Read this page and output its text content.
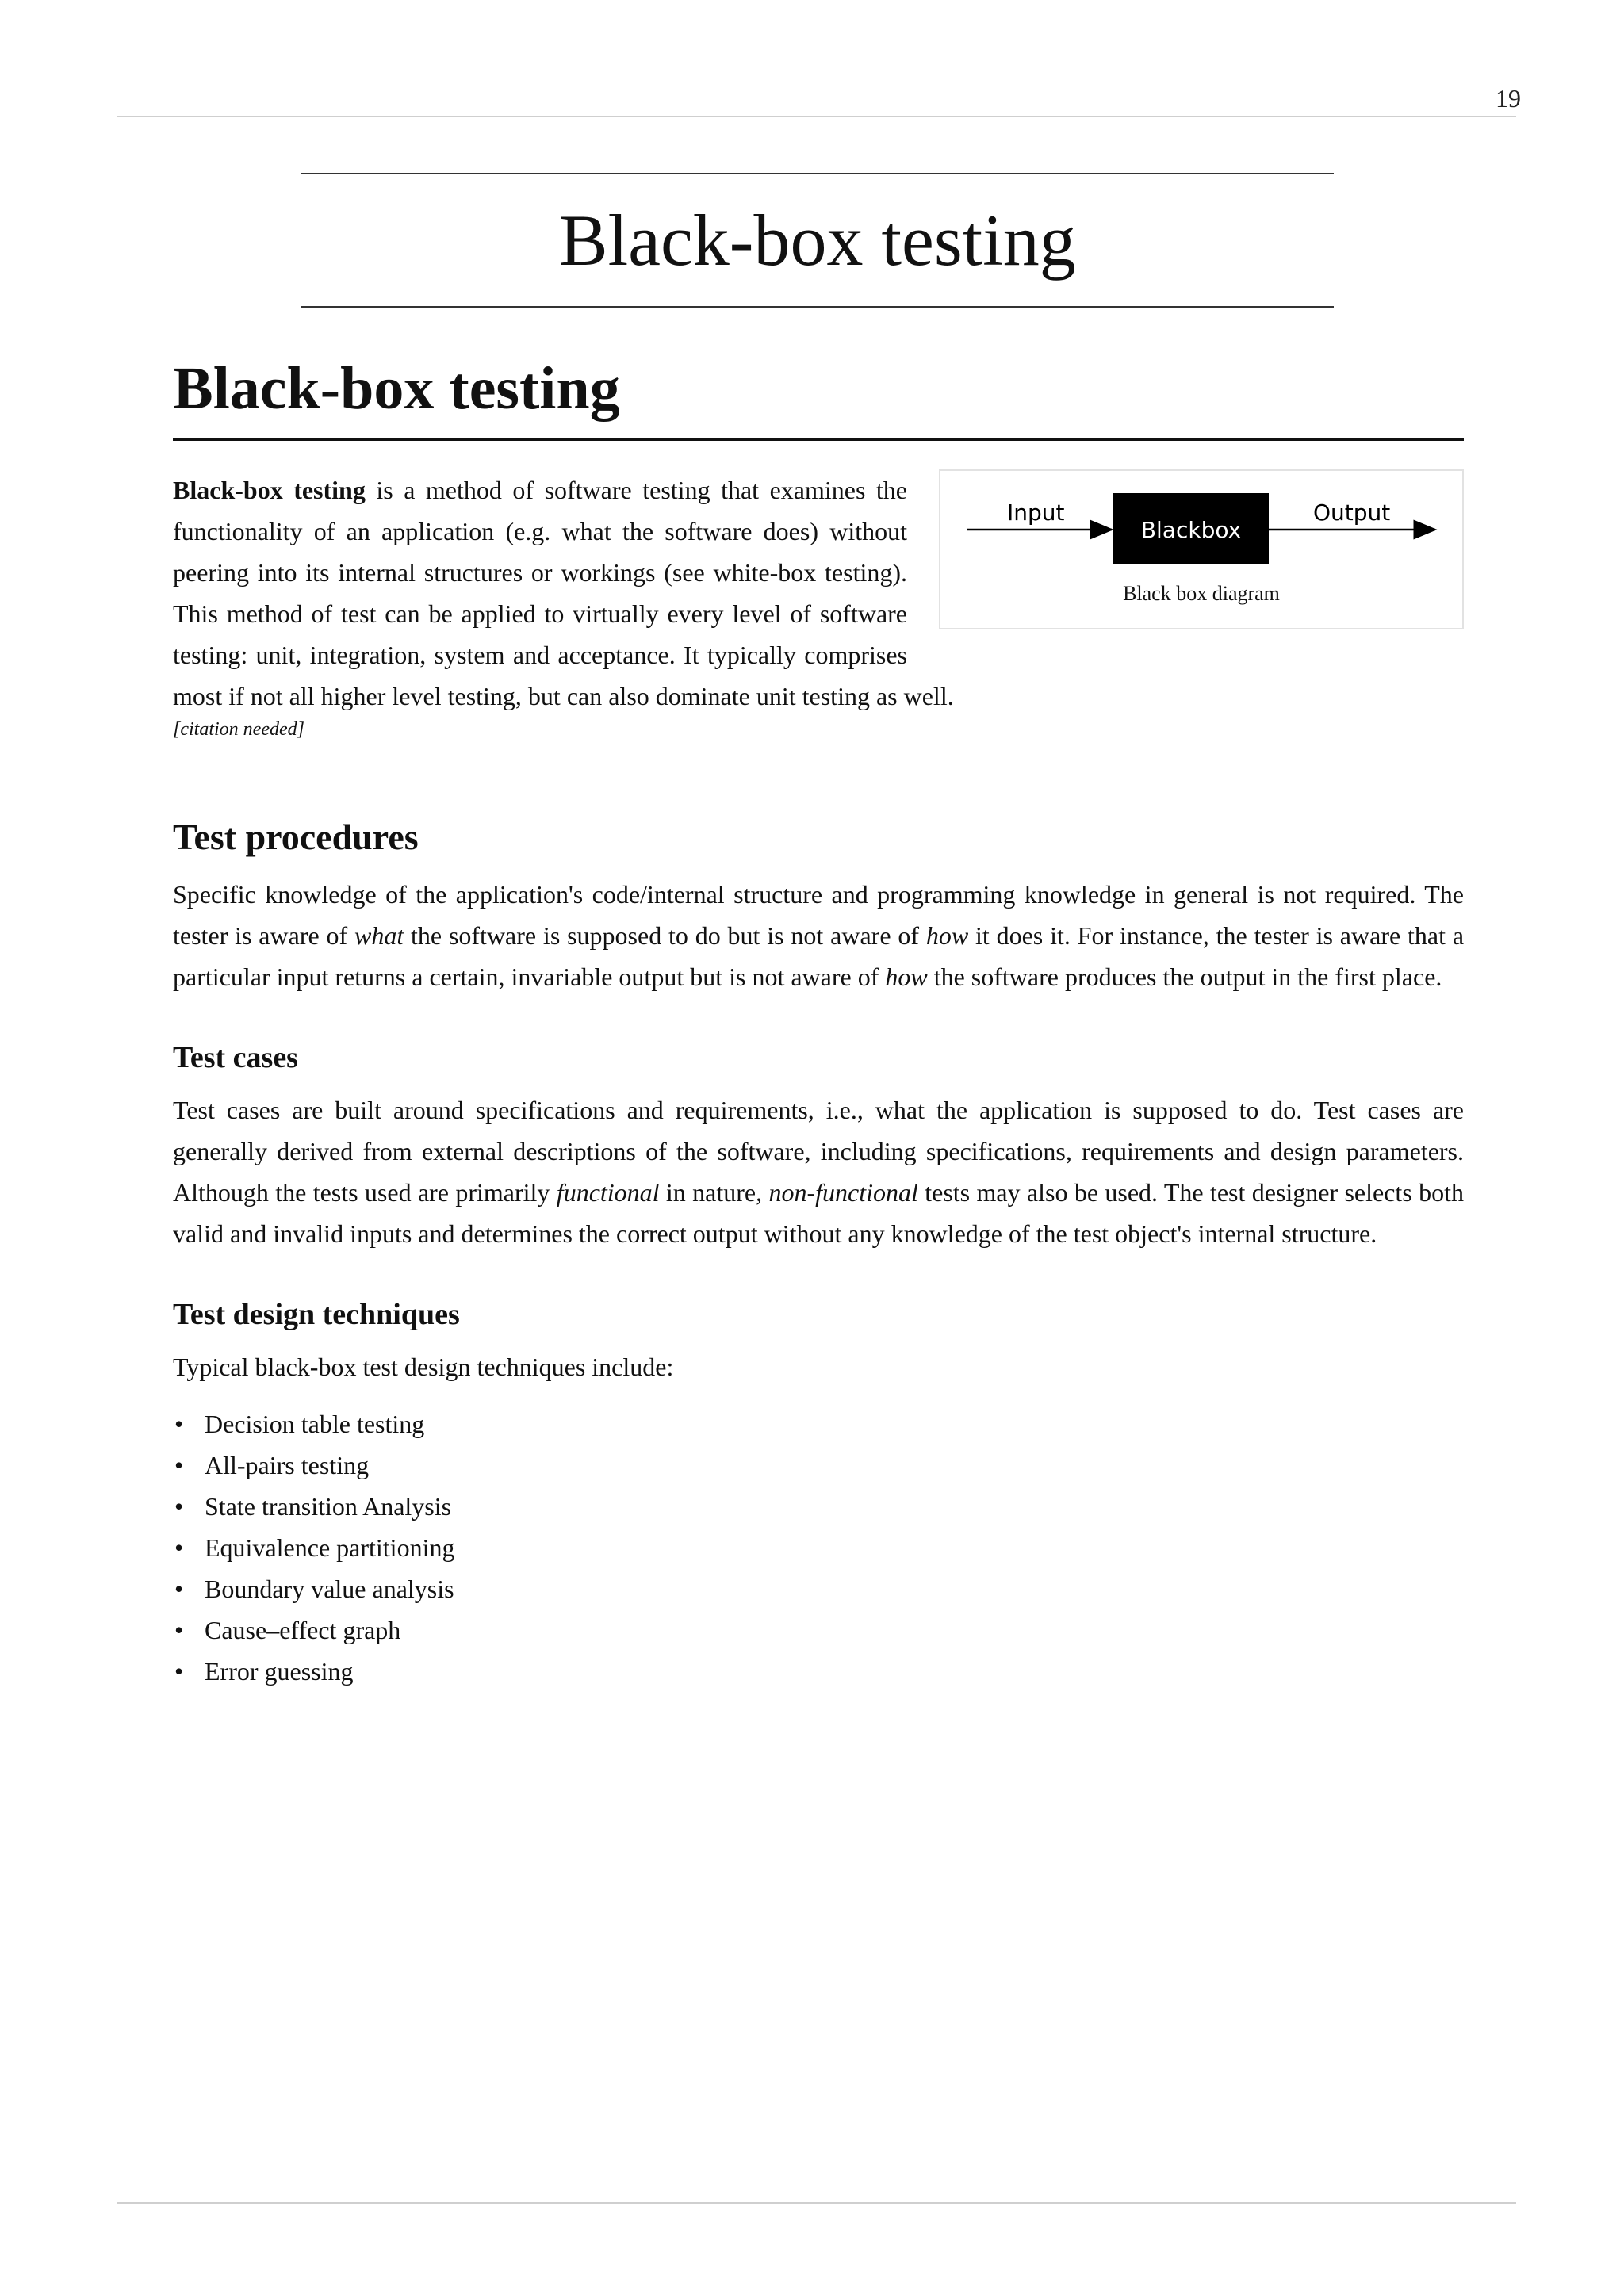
19
Black-box testing
Black-box testing
Input
Blackbox
Output
Black box diagram

Black-box testing is a method of software testing that examines the functionality of an application (e.g. what the software does) without peering into its internal structures or workings (see white-box testing). This method of test can be applied to virtually every level of software testing: unit, integration, system and acceptance. It typically comprises most if not all higher level testing, but can also dominate unit testing as well.

[citation needed]
Test procedures

Specific knowledge of the application's code/internal structure and programming knowledge in general is not required. The tester is aware of what the software is supposed to do but is not aware of how it does it. For instance, the tester is aware that a particular input returns a certain, invariable output but is not aware of how the software produces the output in the first place.

Test cases

Test cases are built around specifications and requirements, i.e., what the application is supposed to do. Test cases are generally derived from external descriptions of the software, including specifications, requirements and design parameters. Although the tests used are primarily functional in nature, non-functional tests may also be used. The test designer selects both valid and invalid inputs and determines the correct output without any knowledge of the test object's internal structure.

Test design techniques

Typical black-box test design techniques include:

• Decision table testing
• All-pairs testing
• State transition Analysis
• Equivalence partitioning
• Boundary value analysis
• Cause–effect graph
• Error guessing
